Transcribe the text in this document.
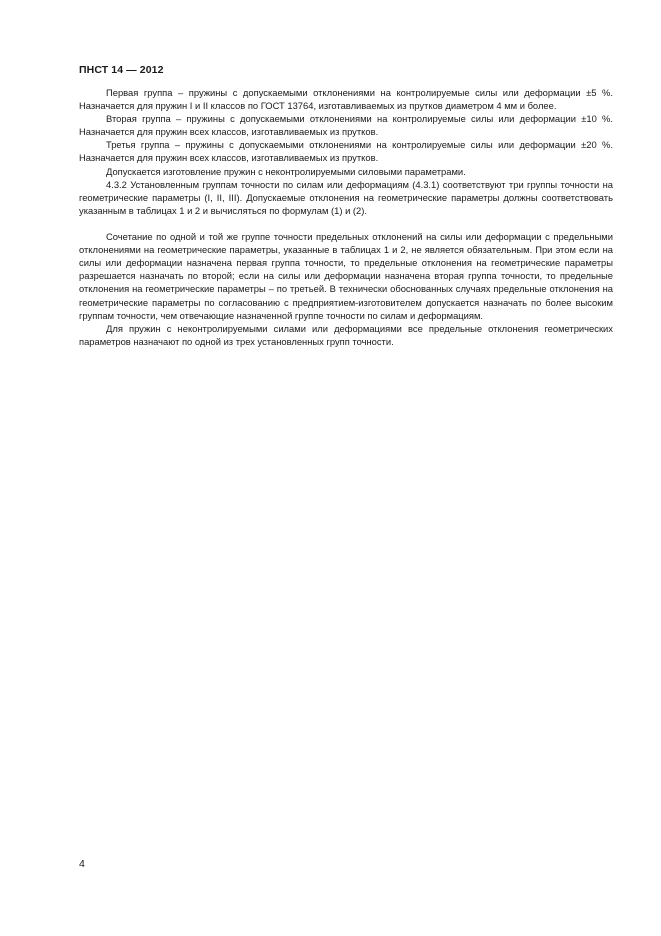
ПНСТ 14 — 2012

Первая группа – пружины с допускаемыми отклонениями на контролируемые силы или деформации ±5 %. Назначается для пружин I и II классов по ГОСТ 13764, изготавливаемых из прутков диаметром 4 мм и более.

Вторая группа – пружины с допускаемыми отклонениями на контролируемые силы или деформации ±10 %. Назначается для пружин всех классов, изготавливаемых из прутков.

Третья группа – пружины с допускаемыми отклонениями на контролируемые силы или деформации ±20 %. Назначается для пружин всех классов, изготавливаемых из прутков.

Допускается изготовление пружин с неконтролируемыми силовыми параметрами.

4.3.2 Установленным группам точности по силам или деформациям (4.3.1) соответствуют три группы точности на геометрические параметры (I, II, III). Допускаемые отклонения на геометрические параметры должны соответствовать указанным в таблицах 1 и 2 и вычисляться по формулам (1) и (2).

Сочетание по одной и той же группе точности предельных отклонений на силы или деформации с предельными отклонениями на геометрические параметры, указанные в таблицах 1 и 2, не является обязательным. При этом если на силы или деформации назначена первая группа точности, то предельные отклонения на геометрические параметры разрешается назначать по второй; если на силы или деформации назначена вторая группа точности, то предельные отклонения на геометрические параметры – по третьей. В технически обоснованных случаях предельные отклонения на геометрические параметры по согласованию с предприятием-изготовителем допускается назначать по более высоким группам точности, чем отвечающие назначенной группе точности по силам и деформациям.

Для пружин с неконтролируемыми силами или деформациями все предельные отклонения геометрических параметров назначают по одной из трех установленных групп точности.

4
